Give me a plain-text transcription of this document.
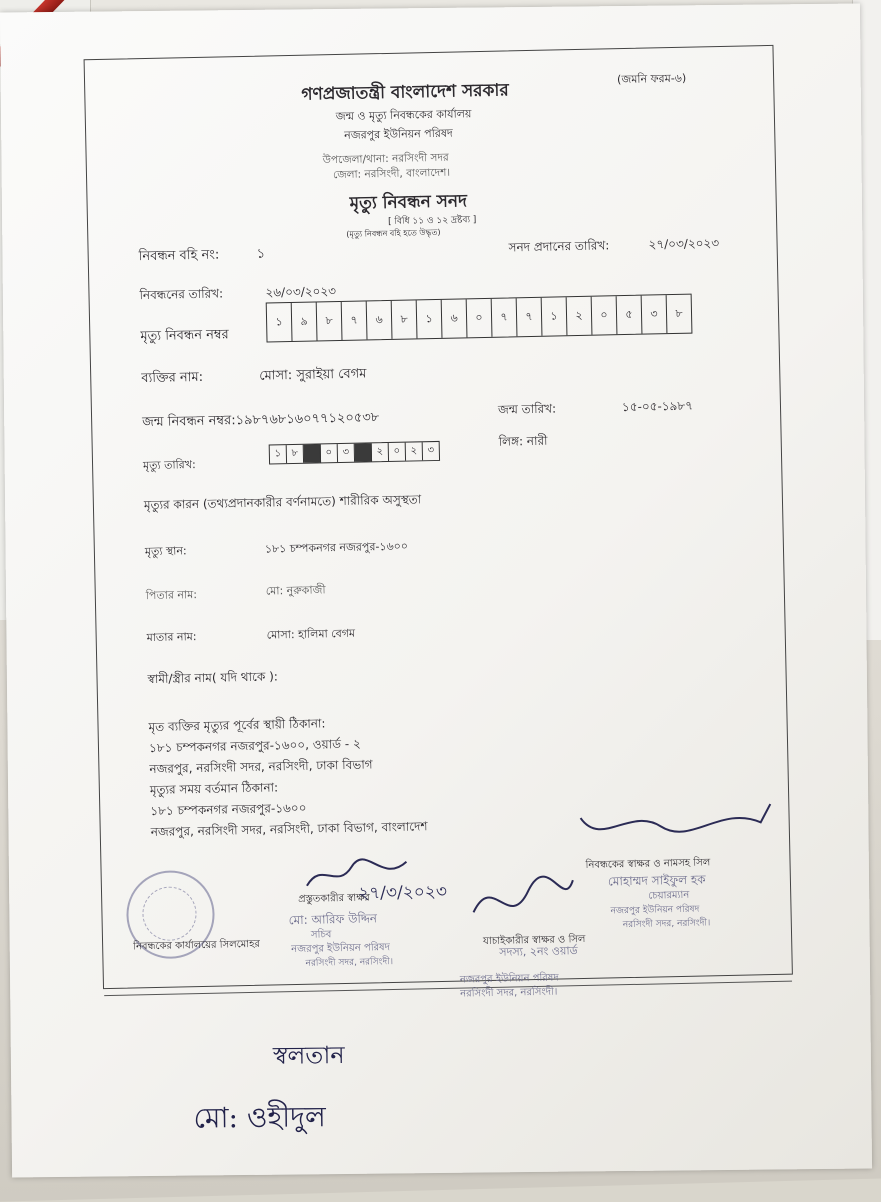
গণপ্রজাতন্ত্রী বাংলাদেশ সরকার
(জমনি ফরম-৬)
জন্ম ও মৃত্যু নিবন্ধকের কার্যালয়
নজরপুর ইউনিয়ন পরিষদ
উপজেলা/থানা: নরসিংদী সদর
জেলা: নরসিংদী, বাংলাদেশ।
মৃত্যু নিবন্ধন সনদ
[ বিধি ১১ ও ১২ দ্রষ্টব্য ]
(মৃত্যু নিবন্ধন বহি হতে উদ্ধৃত)
নিবন্ধন বহি নং:	১	সনদ প্রদানের তারিখ:	২৭/০৩/২০২৩
নিবন্ধনের তারিখ:	২৬/০৩/২০২৩
মৃত্যু নিবন্ধন নম্বর
১	৯	৮	৭	৬	৮	১	৬	০	৭	৭	১	২	০	৫	৩	৮
ব্যক্তির নাম:	মোসা: সুরাইয়া বেগম
জন্ম নিবন্ধন নম্বর:১৯৮৭৬৮১৬০৭৭১২০৫৩৮
জন্ম তারিখ:	১৫-০৫-১৯৮৭
লিঙ্গ: নারী
মৃত্যু তারিখ:
১	৮	০	৩	২	০	২	৩
মৃত্যুর কারন (তথ্যপ্রদানকারীর বর্ণনামতে) শারীরিক অসুস্থতা
মৃত্যু স্থান:	১৮১ চম্পকনগর নজরপুর-১৬০০
পিতার নাম:	মো: নুরুকাজী
মাতার নাম:	মোসা: হালিমা বেগম
স্বামী/স্ত্রীর নাম( যদি থাকে ):
মৃত ব্যক্তির মৃত্যুর পূর্বের স্থায়ী ঠিকানা:
১৮১ চম্পকনগর নজরপুর-১৬০০, ওয়ার্ড - ২
নজরপুর, নরসিংদী সদর, নরসিংদী, ঢাকা বিভাগ
মৃত্যুর সময় বর্তমান ঠিকানা:
১৮১ চম্পকনগর নজরপুর-১৬০০
নজরপুর, নরসিংদী সদর, নরসিংদী, ঢাকা বিভাগ, বাংলাদেশ
নিবন্ধকের কার্যালয়ের সিলমোহর
প্রস্তুতকারীর স্বাক্ষর
মো: আরিফ উদ্দিন
সচিব
নজরপুর ইউনিয়ন পরিষদ
নরসিংদী সদর, নরসিংদী।
২৭/৩/২০২৩
যাচাইকারীর স্বাক্ষর ও সিল
সদস্য, ২নং ওয়ার্ড
নজরপুর ইউনিয়ন পরিষদ
নরসিংদী সদর, নরসিংদী।
নিবন্ধকের স্বাক্ষর ও নামসহ সিল
মোহাম্মদ সাইফুল হক
চেয়ারম্যান
নজরপুর ইউনিয়ন পরিষদ
নরসিংদী সদর, নরসিংদী।
স্বলতান
মো: ওহীদুল
